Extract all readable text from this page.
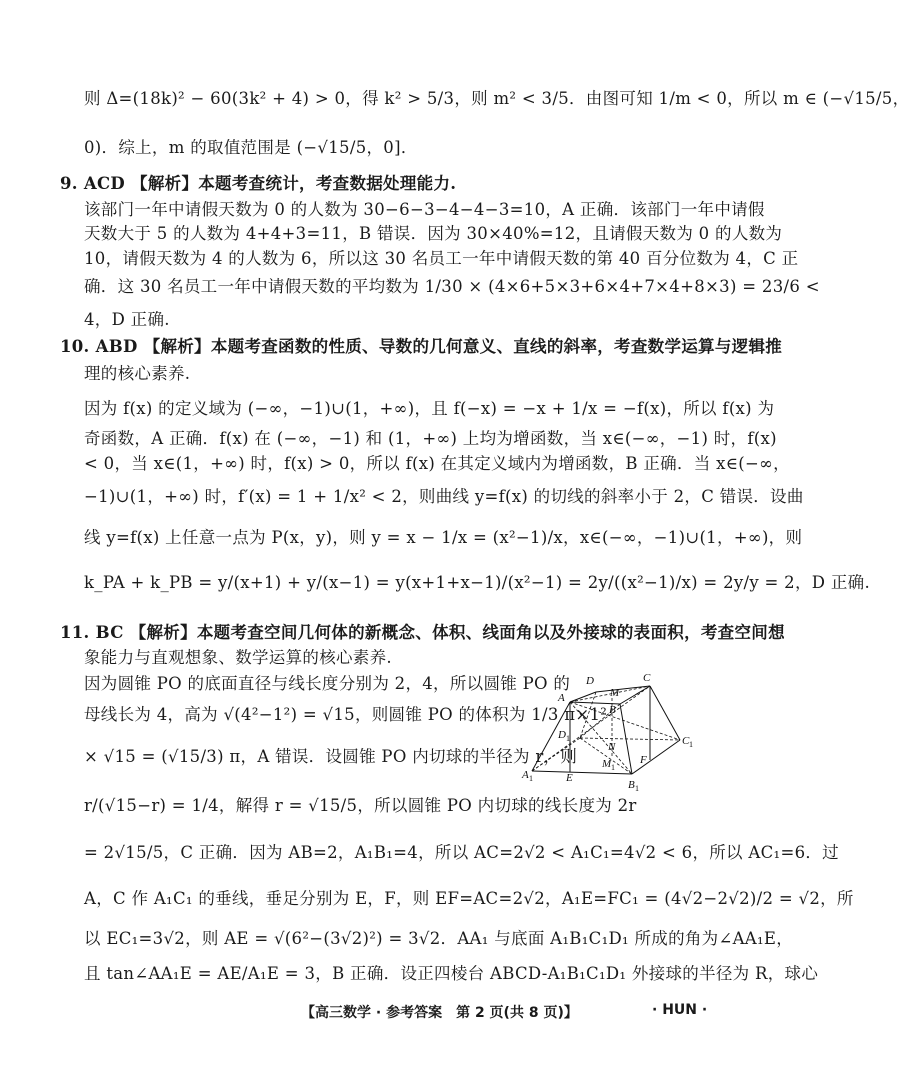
则 Δ=(18k)² − 60(3k² + 4) > 0，得 k² > 5/3，则 m² < 3/5．由图可知 1/m < 0，所以 m ∈ (−√15/5，
0)．综上，m 的取值范围是 (−√15/5，0]．
9. ACD 【解析】本题考查统计，考查数据处理能力.
该部门一年中请假天数为 0 的人数为 30−6−3−4−4−3=10，A 正确．该部门一年中请假
天数大于 5 的人数为 4+4+3=11，B 错误．因为 30×40%=12，且请假天数为 0 的人数为
10，请假天数为 4 的人数为 6，所以这 30 名员工一年中请假天数的第 40 百分位数为 4，C 正
确．这 30 名员工一年中请假天数的平均数为 1/30 × (4×6+5×3+6×4+7×4+8×3) = 23/6 <
4，D 正确.
10. ABD 【解析】本题考查函数的性质、导数的几何意义、直线的斜率，考查数学运算与逻辑推
理的核心素养.
因为 f(x) 的定义域为 (−∞，−1)∪(1，+∞)，且 f(−x) = −x + 1/x = −f(x)，所以 f(x) 为
奇函数，A 正确．f(x) 在 (−∞，−1) 和 (1，+∞) 上均为增函数，当 x∈(−∞，−1) 时，f(x)
< 0，当 x∈(1，+∞) 时，f(x) > 0，所以 f(x) 在其定义域内为增函数，B 正确．当 x∈(−∞，
−1)∪(1，+∞) 时，f′(x) = 1 + 1/x² < 2，则曲线 y=f(x) 的切线的斜率小于 2，C 错误．设曲
线 y=f(x) 上任意一点为 P(x，y)，则 y = x − 1/x = (x²−1)/x，x∈(−∞，−1)∪(1，+∞)，则
k_PA + k_PB = y/(x+1) + y/(x−1) = y(x+1+x−1)/(x²−1) = 2y/((x²−1)/x) = 2y/y = 2，D 正确.
11. BC 【解析】本题考查空间几何体的新概念、体积、线面角以及外接球的表面积，考查空间想
象能力与直观想象、数学运算的核心素养.
因为圆锥 PO 的底面直径与线长度分别为 2，4，所以圆锥 PO 的
母线长为 4，高为 √(4²−1²) = √15，则圆锥 PO 的体积为 1/3 π×1²
× √15 = (√15/3) π，A 错误．设圆锥 PO 内切球的半径为 r，则
r/(√15−r) = 1/4，解得 r = √15/5，所以圆锥 PO 内切球的线长度为 2r
= 2√15/5，C 正确．因为 AB=2，A₁B₁=4，所以 AC=2√2 < A₁C₁=4√2 < 6，所以 AC₁=6．过
A，C 作 A₁C₁ 的垂线，垂足分别为 E，F，则 EF=AC=2√2，A₁E=FC₁ = (4√2−2√2)/2 = √2，所
以 EC₁=3√2，则 AE = √(6²−(3√2)²) = 3√2．AA₁ 与底面 A₁B₁C₁D₁ 所成的角为∠AA₁E，
且 tan∠AA₁E = AE/A₁E = 3，B 正确．设正四棱台 ABCD-A₁B₁C₁D₁ 外接球的半径为 R，球心
D	C
A	M
B
D 1
N	C 1
M 1
F
A 1	E
B 1
【高三数学 · 参考答案　第 2 页(共 8 页)】	· HUN ·
